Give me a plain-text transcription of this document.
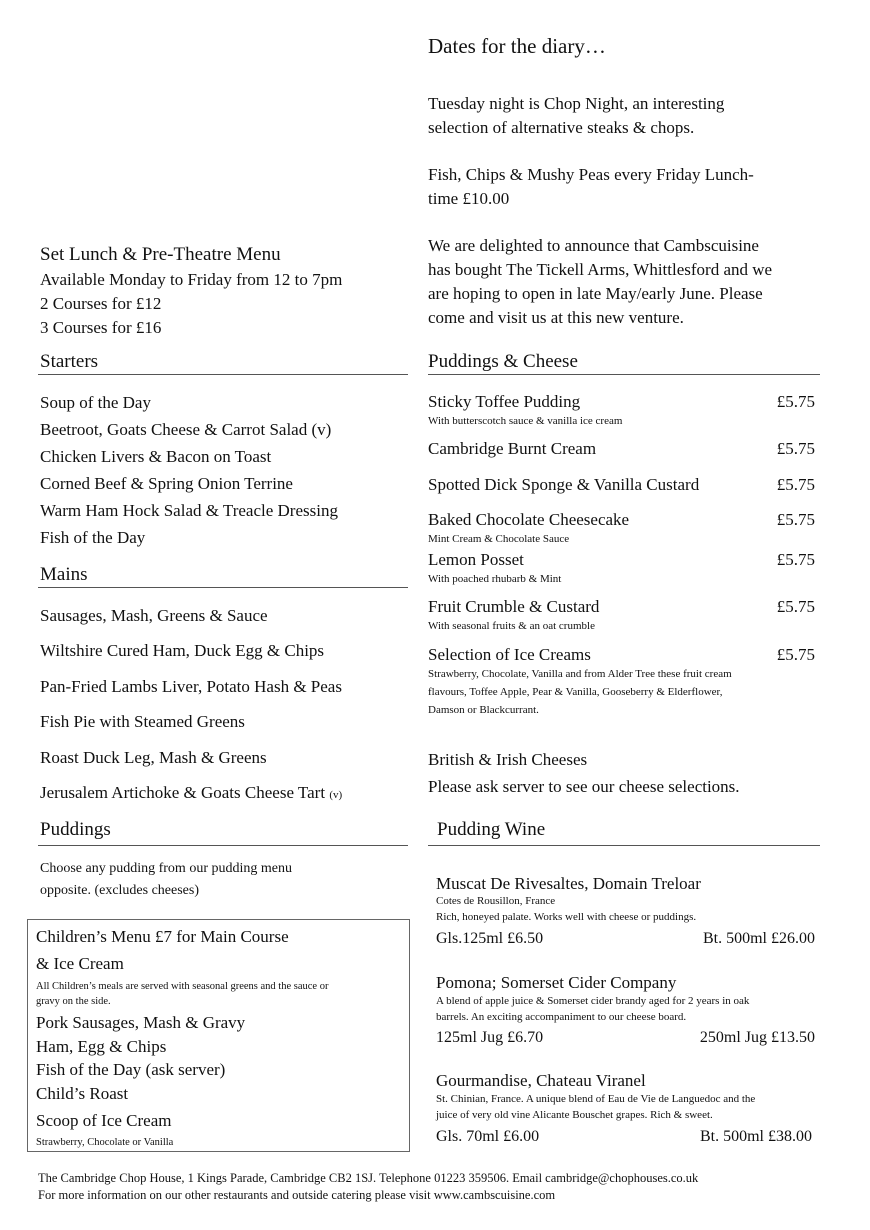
Dates for the diary…
Tuesday night is Chop Night, an interesting
selection of alternative steaks & chops.
Fish, Chips & Mushy Peas every Friday Lunch-
time £10.00
We are delighted to announce that Cambscuisine
has bought The Tickell Arms, Whittlesford and we
are hoping to open in late May/early June. Please
come and visit us at this new venture.
Set Lunch & Pre-Theatre Menu
Available Monday to Friday from 12 to 7pm
2 Courses for £12
3 Courses for £16
Starters
Soup of the Day
Beetroot, Goats Cheese & Carrot Salad (v)
Chicken Livers & Bacon on Toast
Corned Beef & Spring Onion Terrine
Warm Ham Hock Salad & Treacle Dressing
Fish of the Day
Mains
Sausages, Mash, Greens & Sauce
Wiltshire Cured Ham, Duck Egg & Chips
Pan-Fried Lambs Liver, Potato Hash & Peas
Fish Pie with Steamed Greens
Roast Duck Leg, Mash & Greens
Jerusalem Artichoke & Goats Cheese Tart (v)
Puddings
Choose any pudding from our pudding menu
opposite. (excludes cheeses)
Children’s Menu £7 for Main Course
& Ice Cream
All Children’s meals are served with seasonal greens and the sauce or
gravy on the side.
Pork Sausages, Mash & Gravy
Ham, Egg & Chips
Fish of the Day (ask server)
Child’s Roast
Scoop of Ice Cream
Strawberry, Chocolate or Vanilla
Puddings & Cheese
Sticky Toffee Pudding	£5.75
With butterscotch sauce & vanilla ice cream
Cambridge Burnt Cream	£5.75
Spotted Dick Sponge & Vanilla Custard	£5.75
Baked Chocolate Cheesecake	£5.75
Mint Cream & Chocolate Sauce
Lemon Posset	£5.75
With poached rhubarb & Mint
Fruit Crumble & Custard	£5.75
With seasonal fruits & an oat crumble
Selection of Ice Creams	£5.75
Strawberry, Chocolate, Vanilla and from Alder Tree these fruit cream
flavours, Toffee Apple, Pear & Vanilla, Gooseberry & Elderflower,
Damson or Blackcurrant.
British & Irish Cheeses
Please ask server to see our cheese selections.
Pudding Wine
Muscat De Rivesaltes, Domain Treloar
Cotes de Rousillon, France
Rich, honeyed palate. Works well with cheese or puddings.
Gls.125ml £6.50	Bt. 500ml £26.00
Pomona; Somerset Cider Company
A blend of apple juice & Somerset cider brandy aged for 2 years in oak
barrels. An exciting accompaniment to our cheese board.
125ml Jug £6.70	250ml Jug £13.50
Gourmandise, Chateau Viranel
St. Chinian, France. A unique blend of Eau de Vie de Languedoc and the
juice of very old vine Alicante Bouschet grapes. Rich & sweet.
Gls. 70ml £6.00	Bt. 500ml £38.00
The Cambridge Chop House, 1 Kings Parade, Cambridge CB2 1SJ. Telephone 01223 359506. Email cambridge@chophouses.co.uk
For more information on our other restaurants and outside catering please visit www.cambscuisine.com
